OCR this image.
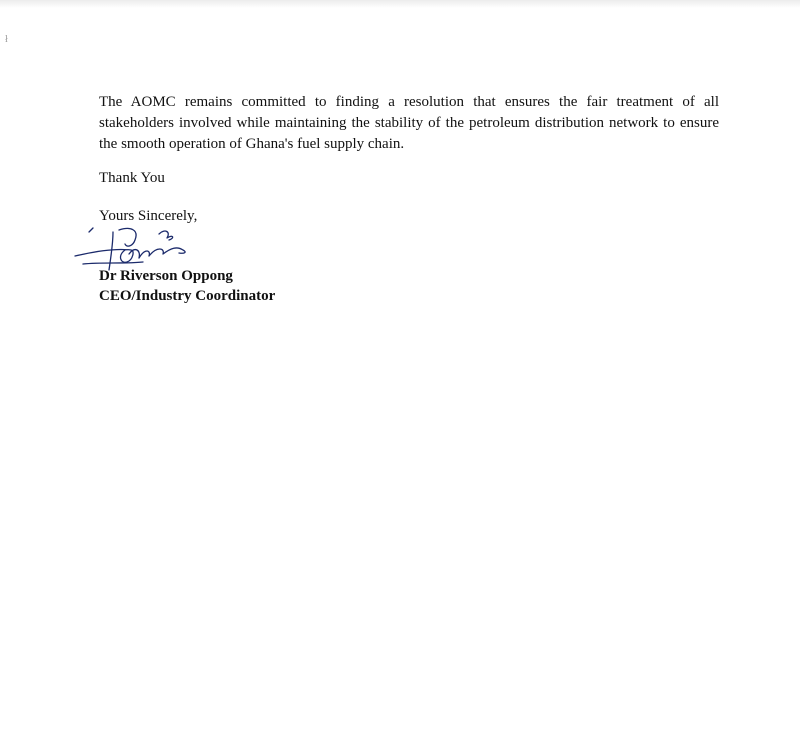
ł

The AOMC remains committed to finding a resolution that ensures the fair treatment of all stakeholders involved while maintaining the stability of the petroleum distribution network to ensure the smooth operation of Ghana's fuel supply chain.

Thank You

Yours Sincerely,

Dr Riverson Oppong

CEO/Industry Coordinator
